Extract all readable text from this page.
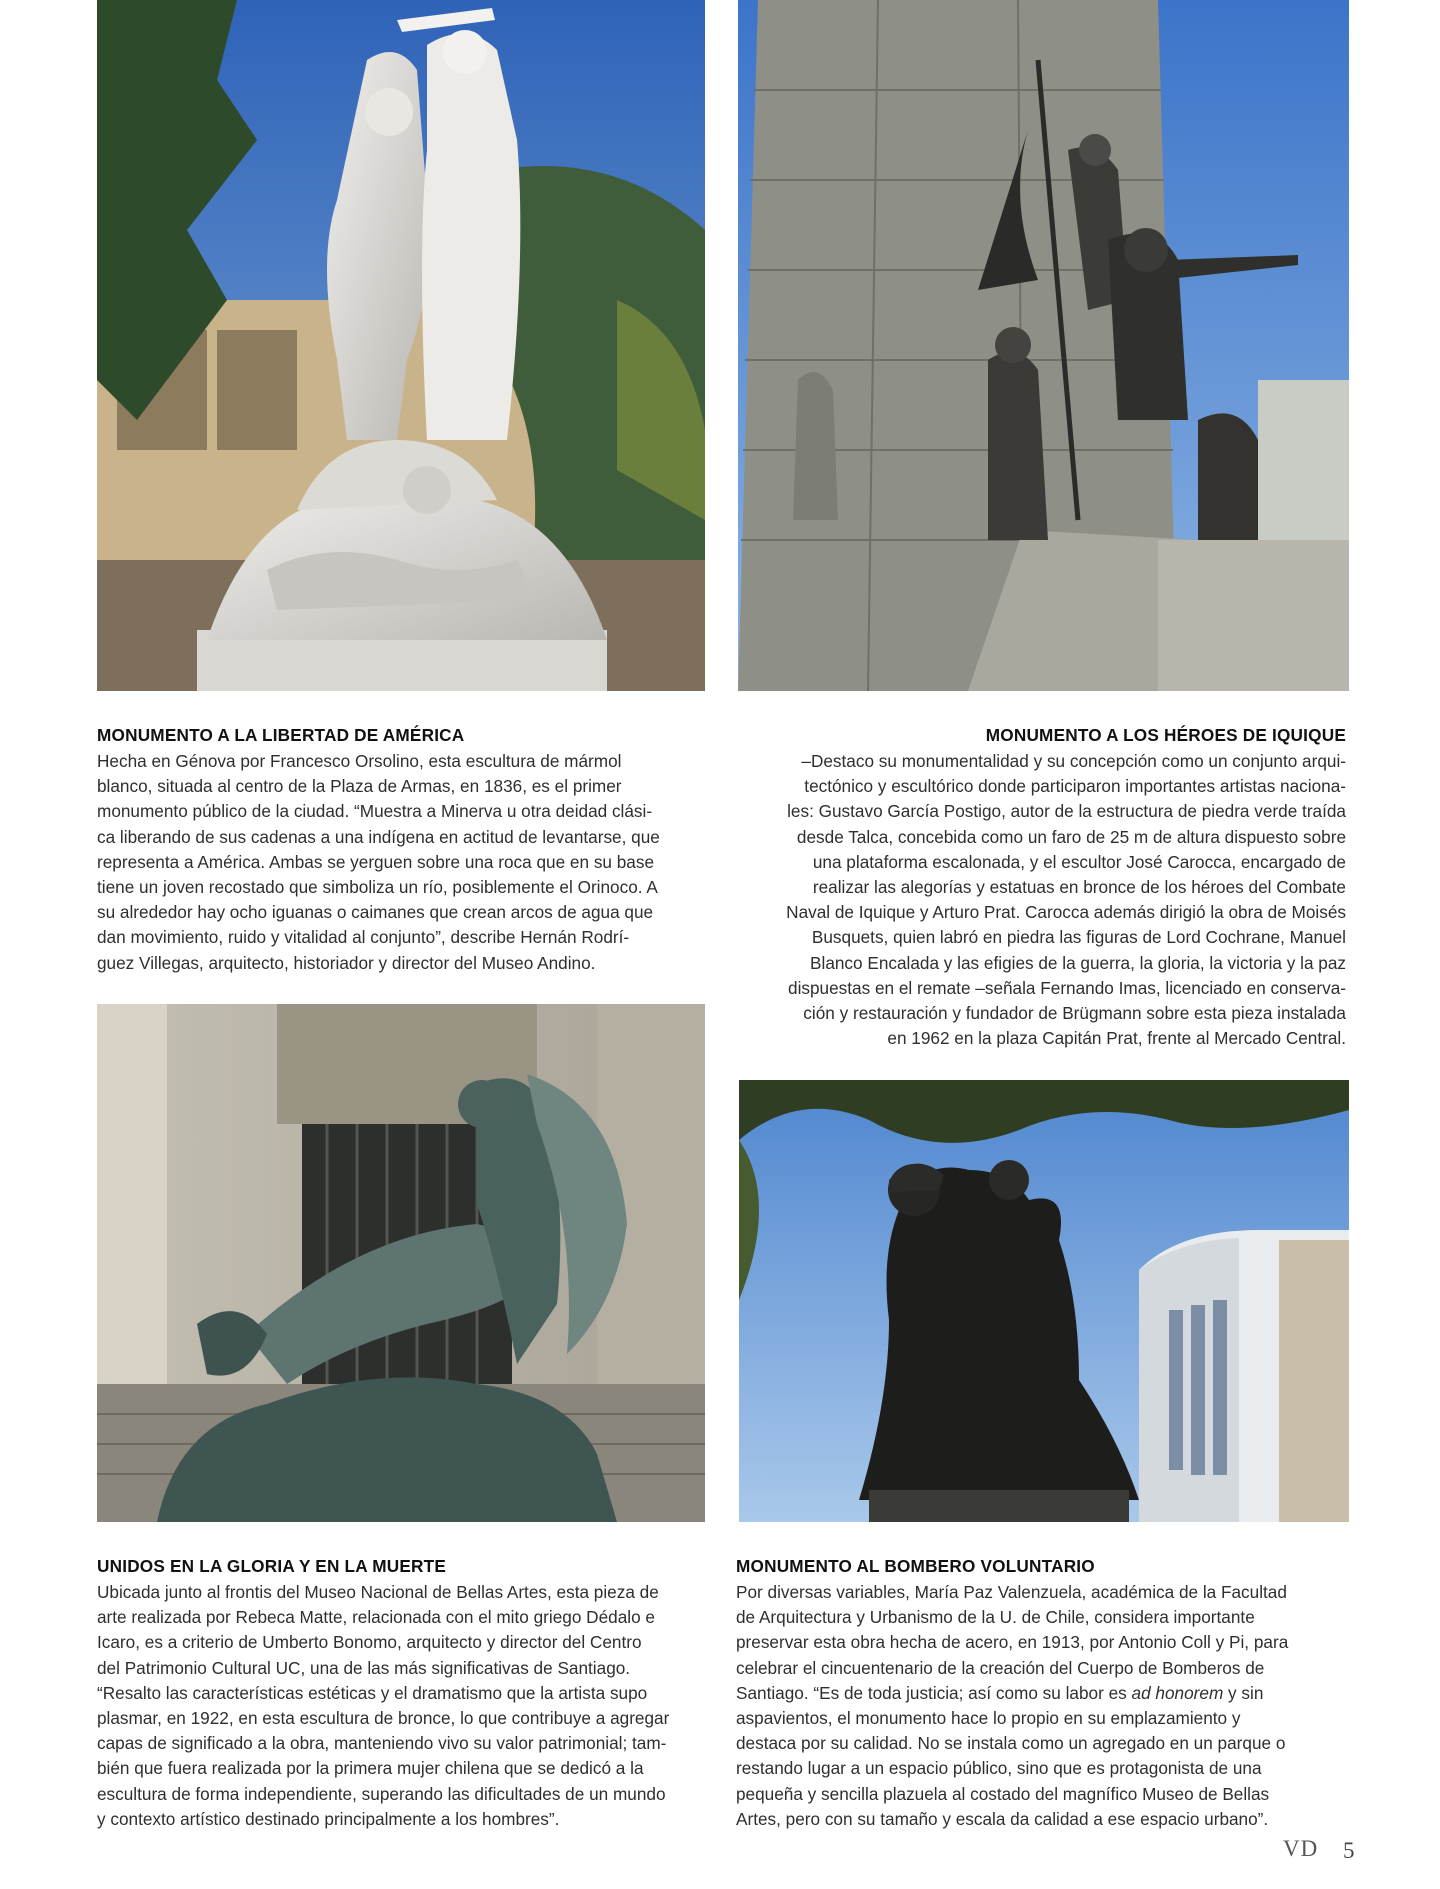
MONUMENTO A LA LIBERTAD DE AMÉRICA

Hecha en Génova por Francesco Orsolino, esta escultura de mármol
blanco, situada al centro de la Plaza de Armas, en 1836, es el primer
monumento público de la ciudad. “Muestra a Minerva u otra deidad clási-
ca liberando de sus cadenas a una indígena en actitud de levantarse, que
representa a América. Ambas se yerguen sobre una roca que en su base
tiene un joven recostado que simboliza un río, posiblemente el Orinoco. A
su alrededor hay ocho iguanas o caimanes que crean arcos de agua que
dan movimiento, ruido y vitalidad al conjunto”, describe Hernán Rodrí-
guez Villegas, arquitecto, historiador y director del Museo Andino.

MONUMENTO A LOS HÉROES DE IQUIQUE

–Destaco su monumentalidad y su concepción como un conjunto arqui-
tectónico y escultórico donde participaron importantes artistas naciona-
les: Gustavo García Postigo, autor de la estructura de piedra verde traída
desde Talca, concebida como un faro de 25 m de altura dispuesto sobre
una plataforma escalonada, y el escultor José Carocca, encargado de
realizar las alegorías y estatuas en bronce de los héroes del Combate
Naval de Iquique y Arturo Prat. Carocca además dirigió la obra de Moisés
Busquets, quien labró en piedra las figuras de Lord Cochrane, Manuel
Blanco Encalada y las efigies de la guerra, la gloria, la victoria y la paz
dispuestas en el remate –señala Fernando Imas, licenciado en conserva-
ción y restauración y fundador de Brügmann sobre esta pieza instalada
en 1962 en la plaza Capitán Prat, frente al Mercado Central.

UNIDOS EN LA GLORIA Y EN LA MUERTE

Ubicada junto al frontis del Museo Nacional de Bellas Artes, esta pieza de
arte realizada por Rebeca Matte, relacionada con el mito griego Dédalo e
Icaro, es a criterio de Umberto Bonomo, arquitecto y director del Centro
del Patrimonio Cultural UC, una de las más significativas de Santiago.
“Resalto las características estéticas y el dramatismo que la artista supo
plasmar, en 1922, en esta escultura de bronce, lo que contribuye a agregar
capas de significado a la obra, manteniendo vivo su valor patrimonial; tam-
bién que fuera realizada por la primera mujer chilena que se dedicó a la
escultura de forma independiente, superando las dificultades de un mundo
y contexto artístico destinado principalmente a los hombres”.

MONUMENTO AL BOMBERO VOLUNTARIO

Por diversas variables, María Paz Valenzuela, académica de la Facultad
de Arquitectura y Urbanismo de la U. de Chile, considera importante
preservar esta obra hecha de acero, en 1913, por Antonio Coll y Pi, para
celebrar el cincuentenario de la creación del Cuerpo de Bomberos de
Santiago. “Es de toda justicia; así como su labor es ad honorem y sin
aspavientos, el monumento hace lo propio en su emplazamiento y
destaca por su calidad. No se instala como un agregado en un parque o
restando lugar a un espacio público, sino que es protagonista de una
pequeña y sencilla plazuela al costado del magnífico Museo de Bellas
Artes, pero con su tamaño y escala da calidad a ese espacio urbano”.

VD 5
